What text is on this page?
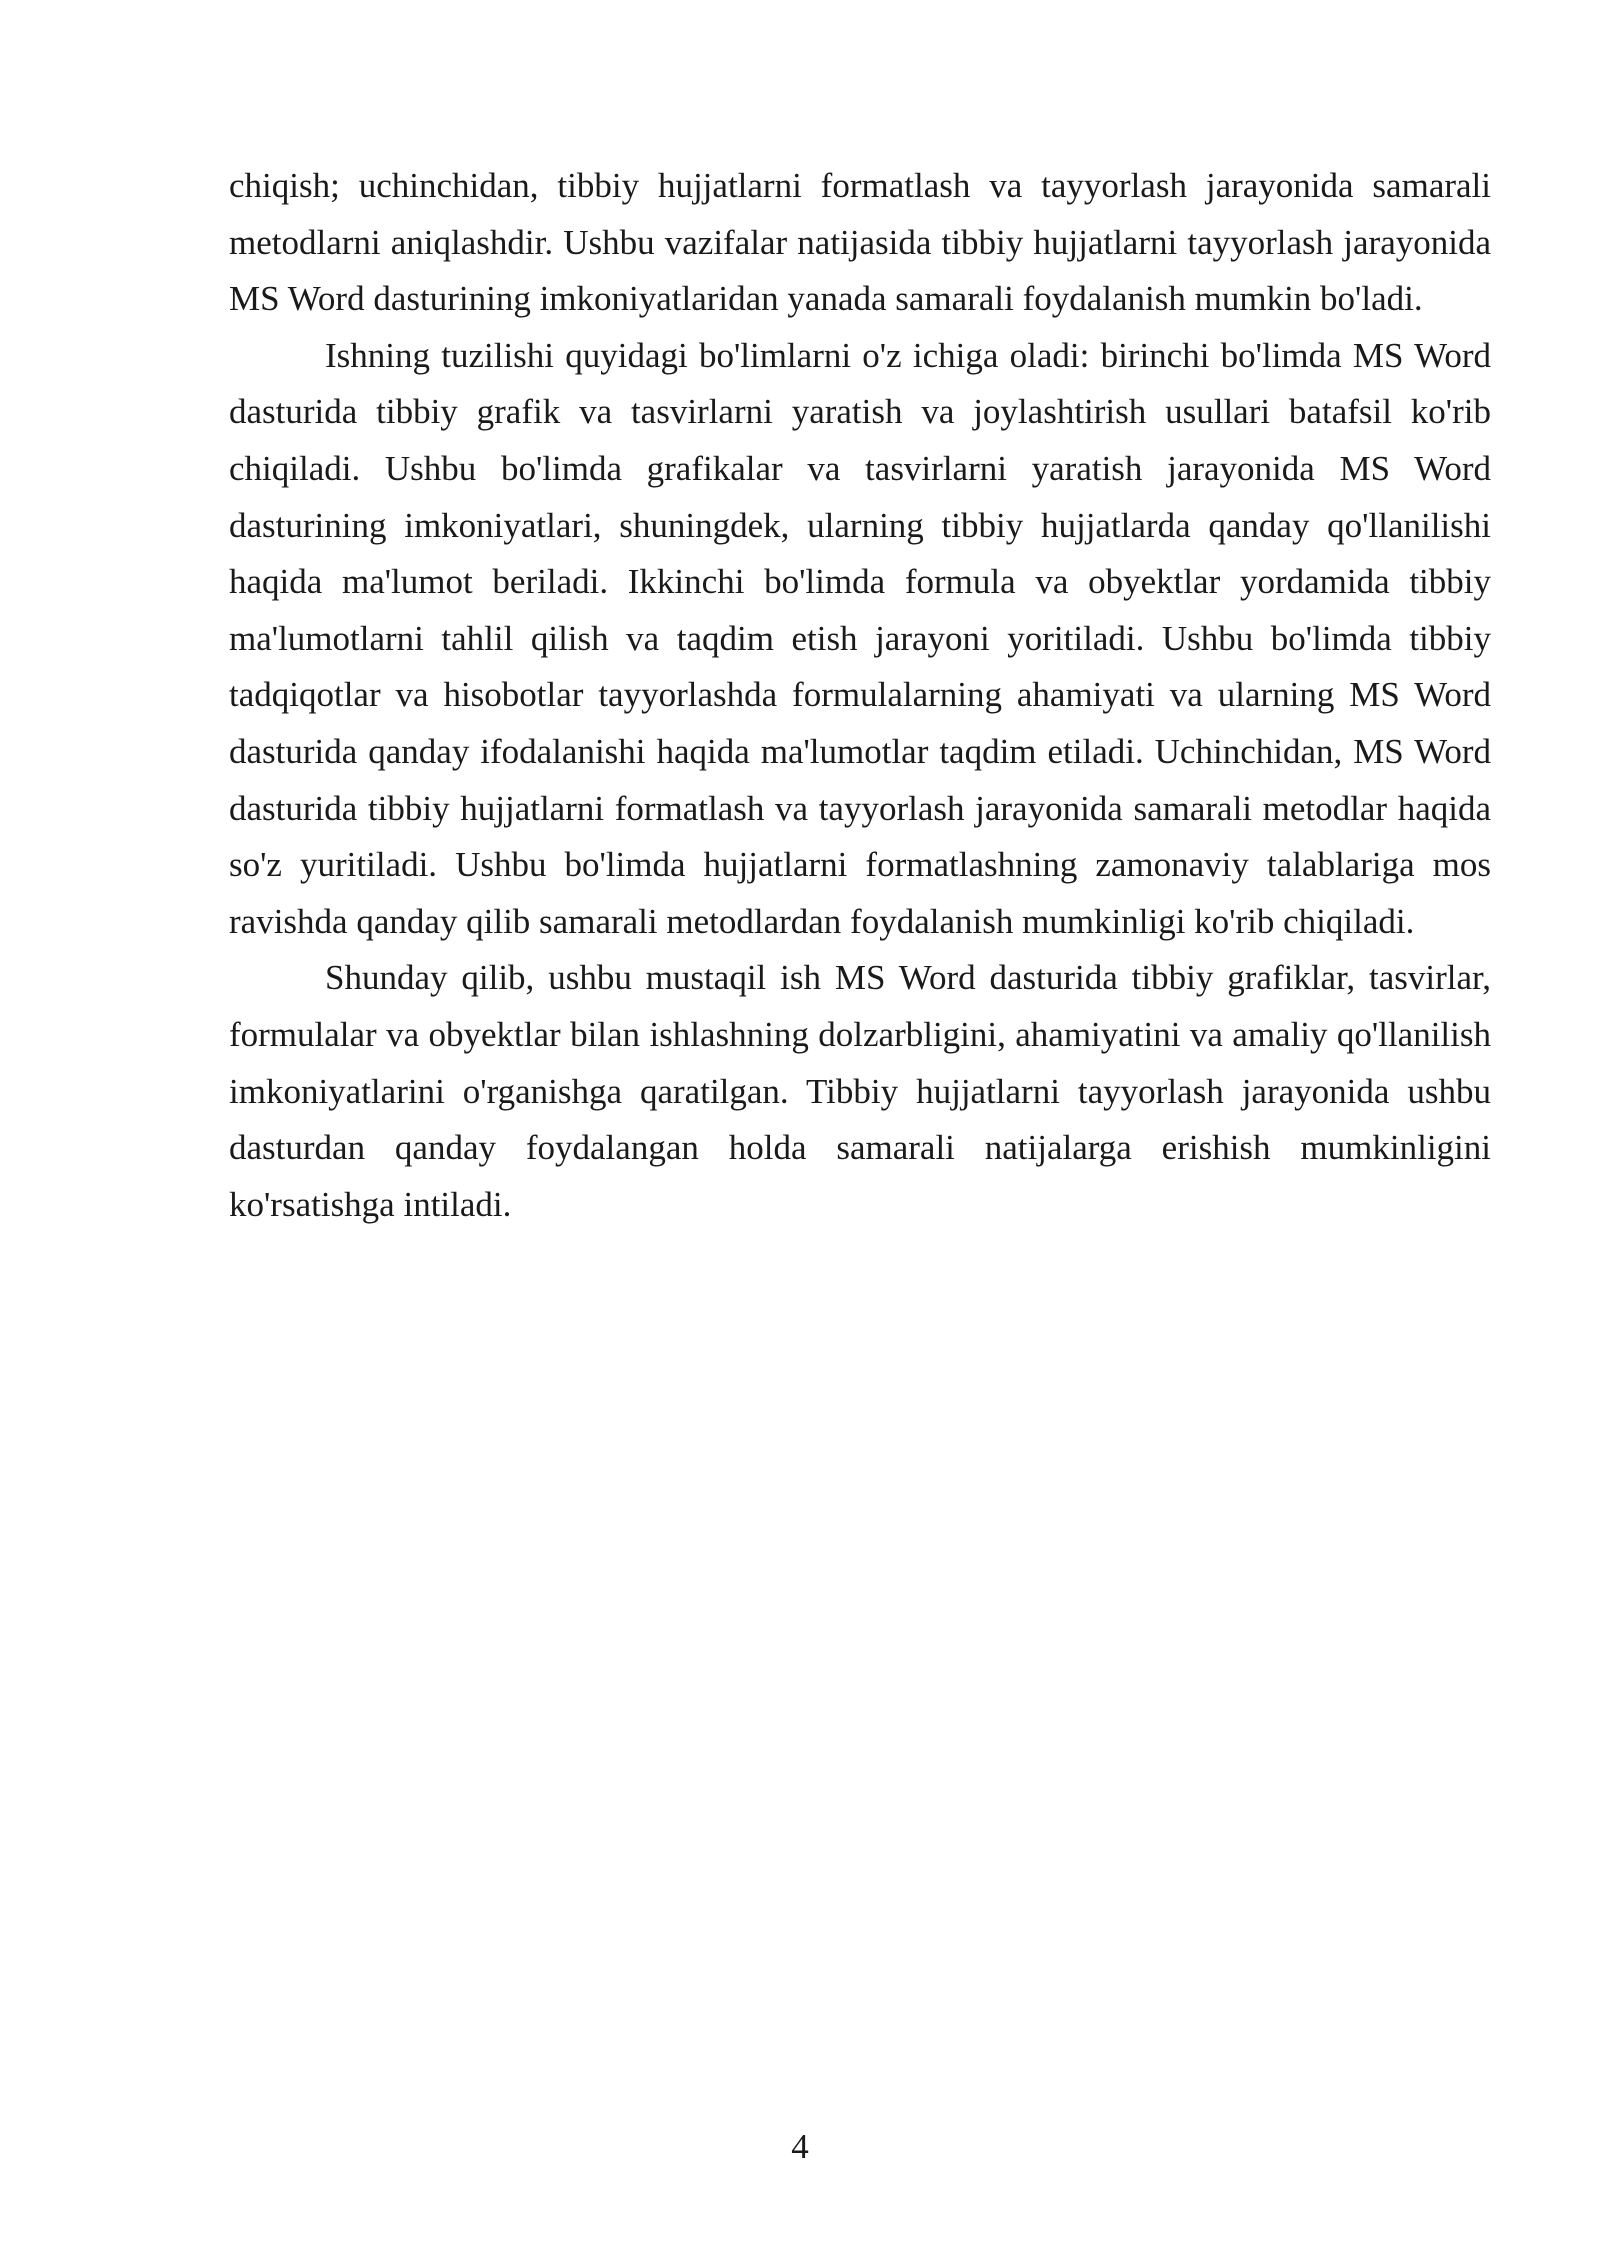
chiqish; uchinchidan, tibbiy hujjatlarni formatlash va tayyorlash jarayonida samarali metodlarni aniqlashdir. Ushbu vazifalar natijasida tibbiy hujjatlarni tayyorlash jarayonida MS Word dasturining imkoniyatlaridan yanada samarali foydalanish mumkin bo'ladi.

Ishning tuzilishi quyidagi bo'limlarni o'z ichiga oladi: birinchi bo'limda MS Word dasturida tibbiy grafik va tasvirlarni yaratish va joylashtirish usullari batafsil ko'rib chiqiladi. Ushbu bo'limda grafikalar va tasvirlarni yaratish jarayonida MS Word dasturining imkoniyatlari, shuningdek, ularning tibbiy hujjatlarda qanday qo'llanilishi haqida ma'lumot beriladi. Ikkinchi bo'limda formula va obyektlar yordamida tibbiy ma'lumotlarni tahlil qilish va taqdim etish jarayoni yoritiladi. Ushbu bo'limda tibbiy tadqiqotlar va hisobotlar tayyorlashda formulalarning ahamiyati va ularning MS Word dasturida qanday ifodalanishi haqida ma'lumotlar taqdim etiladi. Uchinchidan, MS Word dasturida tibbiy hujjatlarni formatlash va tayyorlash jarayonida samarali metodlar haqida so'z yuritiladi. Ushbu bo'limda hujjatlarni formatlashning zamonaviy talablariga mos ravishda qanday qilib samarali metodlardan foydalanish mumkinligi ko'rib chiqiladi.

Shunday qilib, ushbu mustaqil ish MS Word dasturida tibbiy grafiklar, tasvirlar, formulalar va obyektlar bilan ishlashning dolzarbligini, ahamiyatini va amaliy qo'llanilish imkoniyatlarini o'rganishga qaratilgan. Tibbiy hujjatlarni tayyorlash jarayonida ushbu dasturdan qanday foydalangan holda samarali natijalarga erishish mumkinligini ko'rsatishga intiladi.

4
